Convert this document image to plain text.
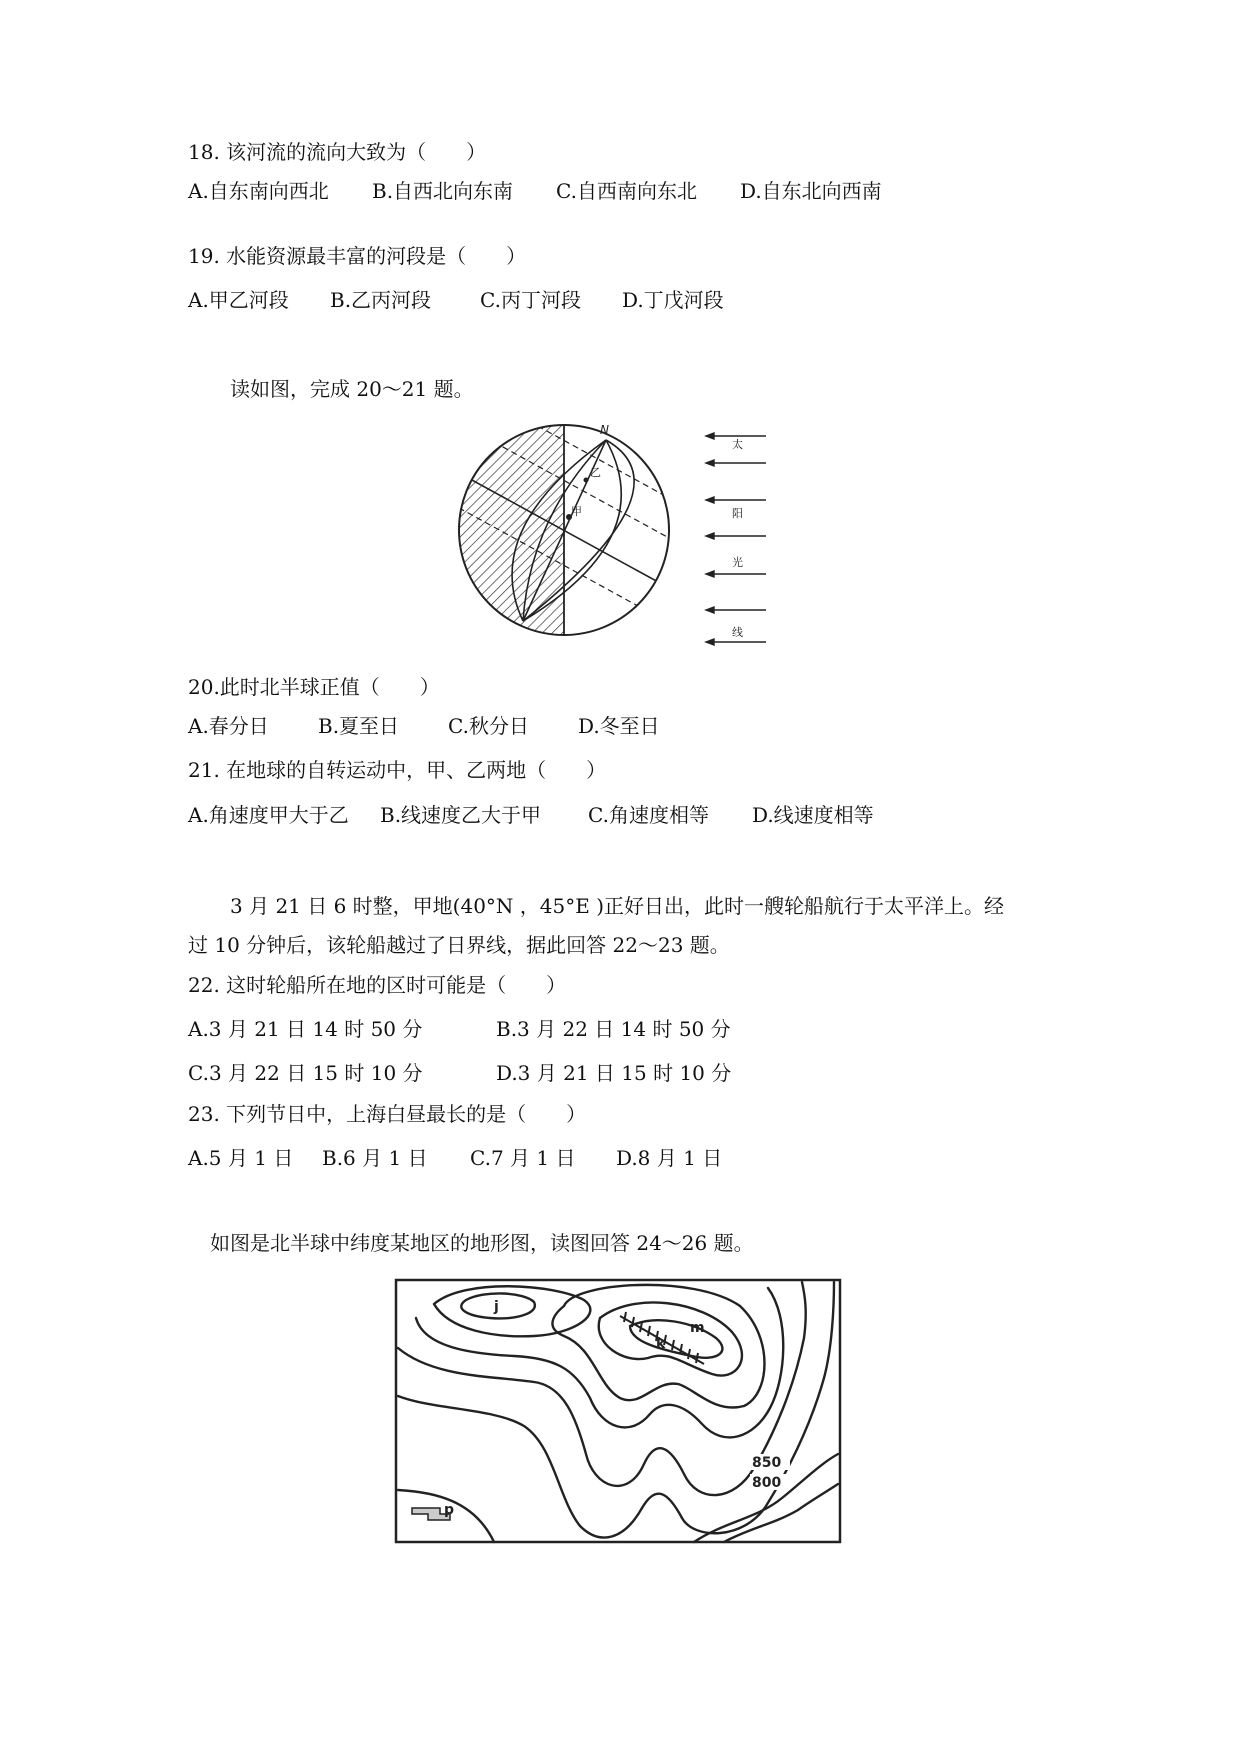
18. 该河流的流向大致为（　　）
A.自东南向西北 B.自西北向东南 C.自西南向东北 D.自东北向西南
19. 水能资源最丰富的河段是（　　）
A.甲乙河段 B.乙丙河段 C.丙丁河段 D.丁戊河段
读如图，完成 20～21 题。
甲
乙
N
太
阳
光
线
20.此时北半球正值（　　）
A.春分日 B.夏至日 C.秋分日 D.冬至日
21. 在地球的自转运动中，甲、乙两地（　　）
A.角速度甲大于乙 B.线速度乙大于甲 C.角速度相等 D.线速度相等
3 月 21 日 6 时整，甲地(40°N ，45°E )正好日出，此时一艘轮船航行于太平洋上。经
过 10 分钟后，该轮船越过了日界线，据此回答 22～23 题。
22. 这时轮船所在地的区时可能是（　　）
A.3 月 21 日 14 时 50 分	B.3 月 22 日 14 时 50 分
C.3 月 22 日 15 时 10 分	D.3 月 21 日 15 时 10 分
23. 下列节日中，上海白昼最长的是（　　）
A.5 月 1 日 B.6 月 1 日 C.7 月 1 日 D.8 月 1 日
如图是北半球中纬度某地区的地形图，读图回答 24～26 题。
j
k
m
p
850
800
